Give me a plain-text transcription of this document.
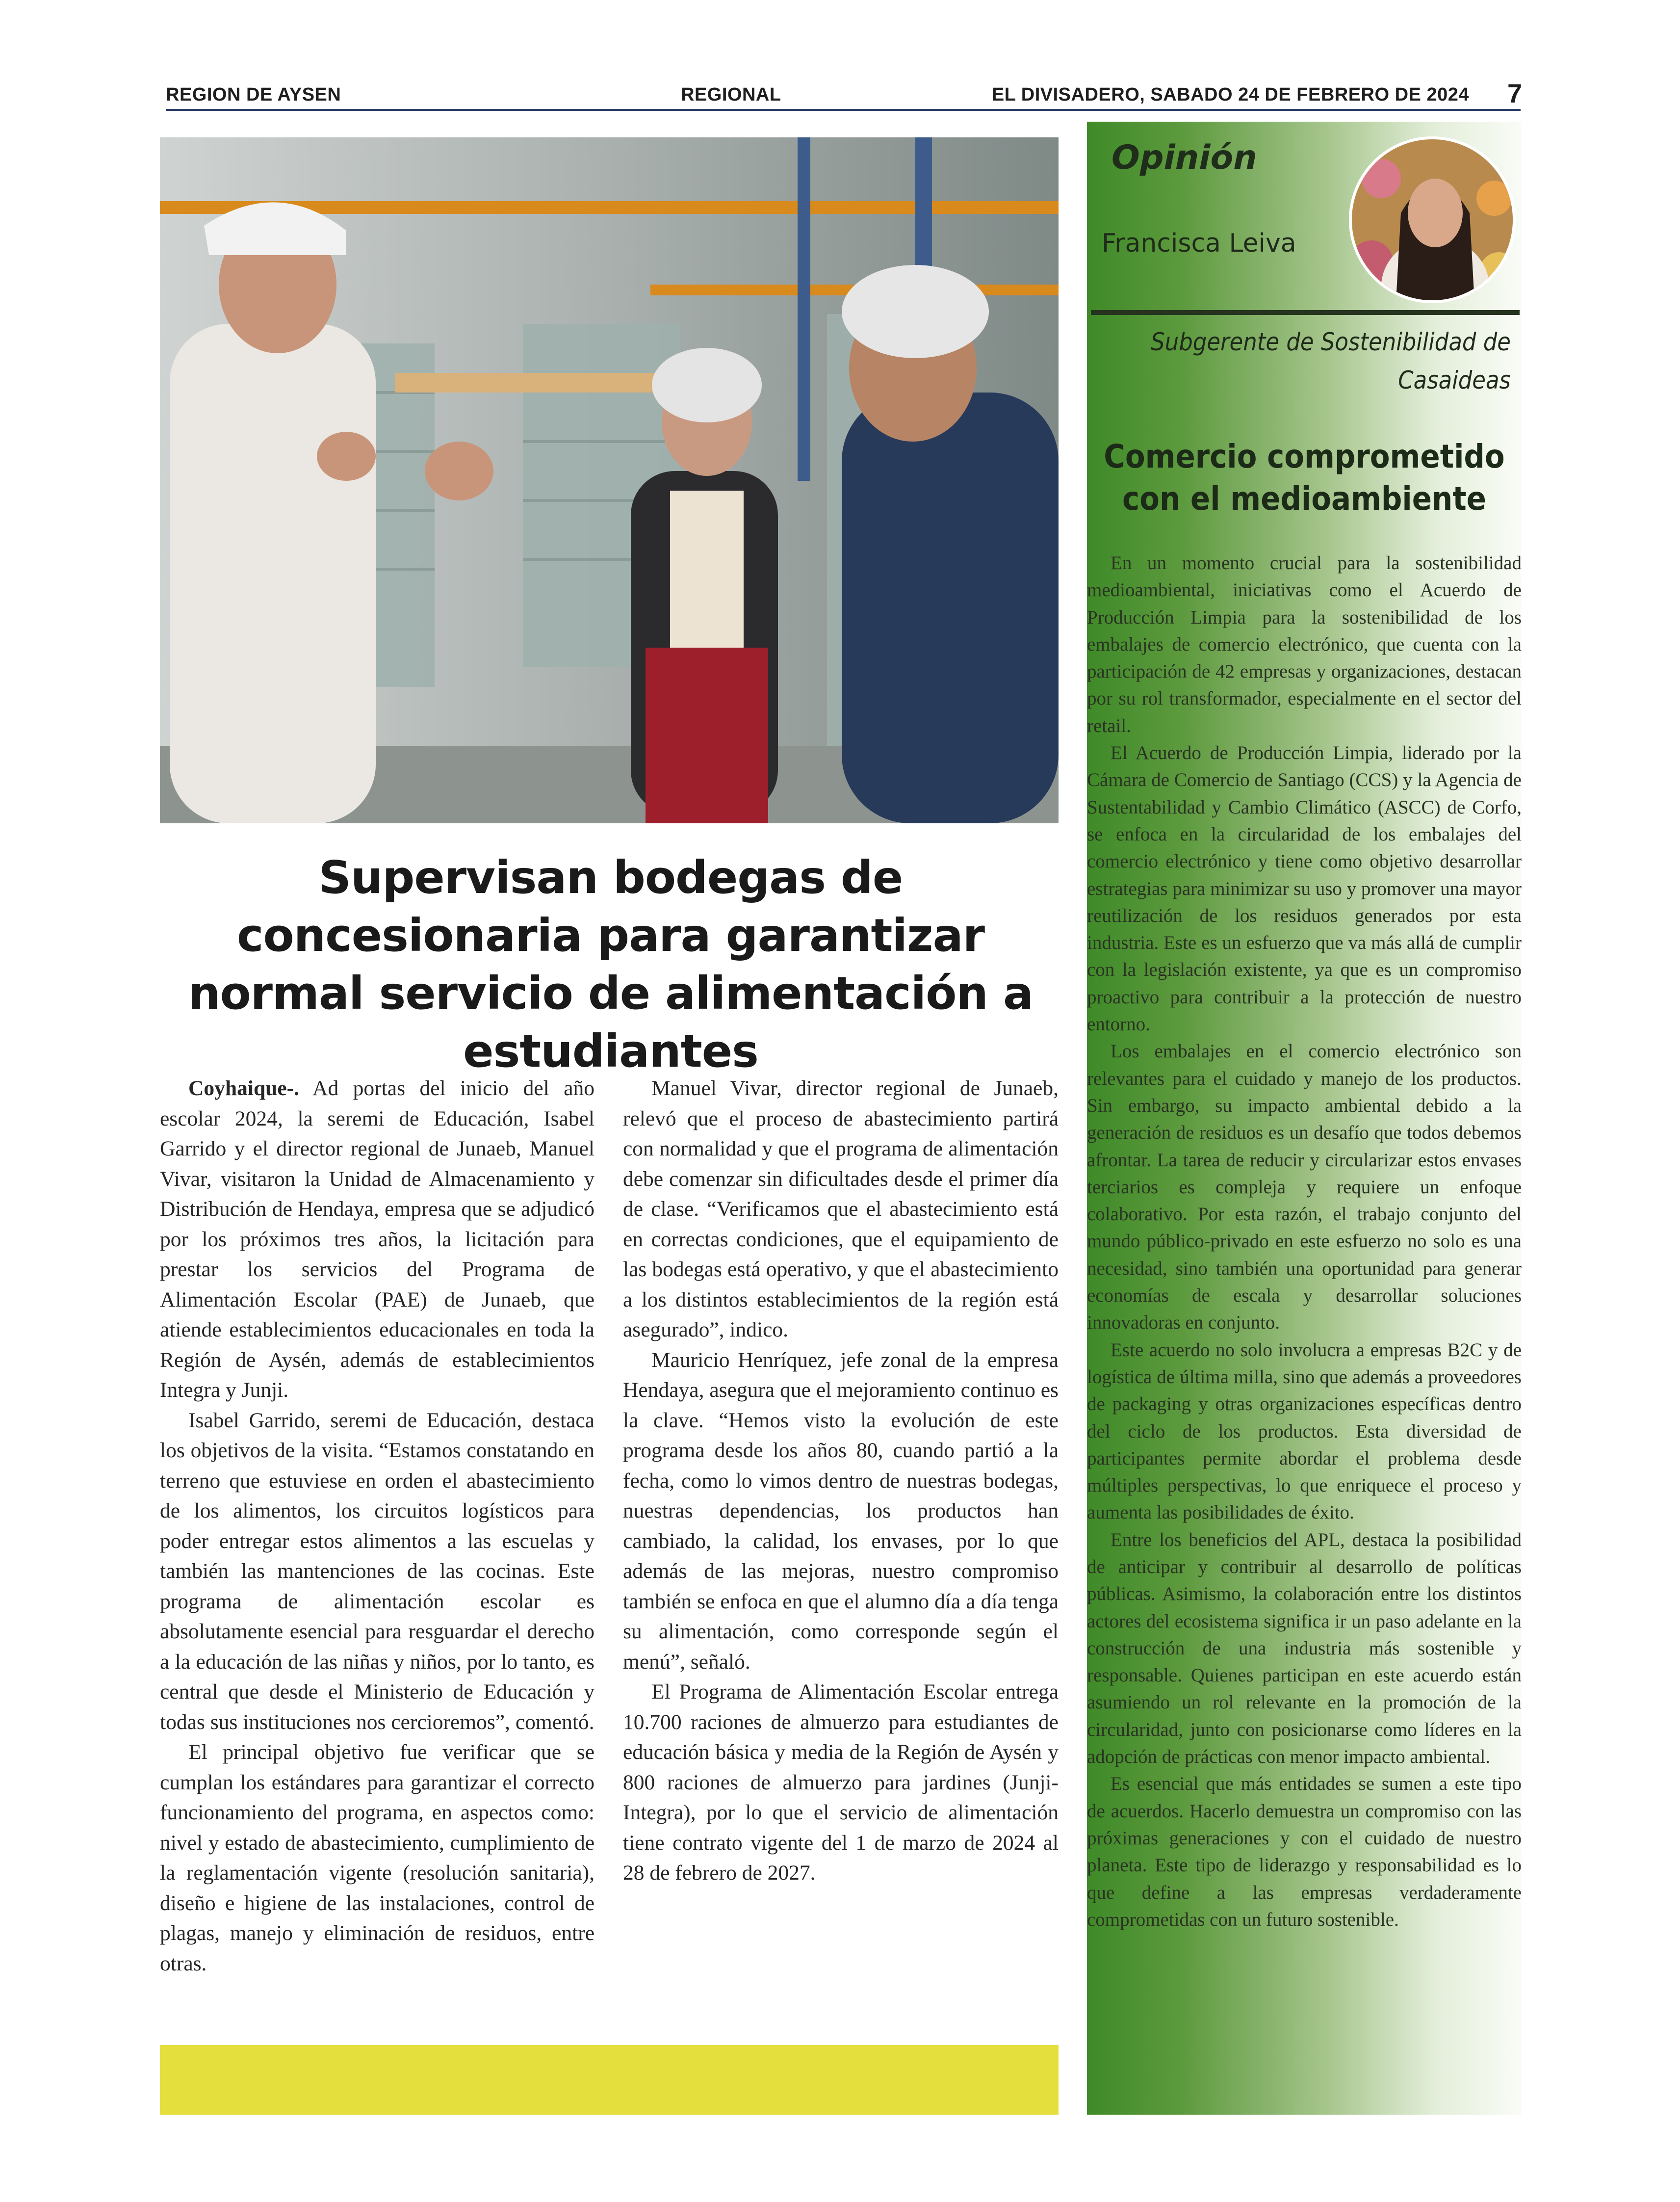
REGION DE AYSEN	REGIONAL	EL DIVISADERO, SABADO 24 DE FEBRERO DE 2024 7
Supervisan bodegas de concesionaria para garantizar normal servicio de alimentación a estudiantes

Coyhaique-. Ad portas del inicio del año escolar 2024, la seremi de Educación, Isabel Garrido y el director regional de Junaeb, Manuel Vivar, visitaron la Unidad de Almacenamiento y Distribución de Hendaya, empresa que se adjudicó por los próximos tres años, la licitación para prestar los servicios del Programa de Alimentación Escolar (PAE) de Junaeb, que atiende establecimientos educacionales en toda la Región de Aysén, además de establecimientos Integra y Junji.

Isabel Garrido, seremi de Educación, destaca los objetivos de la visita. “Estamos constatando en terreno que estuviese en orden el abastecimiento de los alimentos, los circuitos logísticos para poder entregar estos alimentos a las escuelas y también las mantenciones de las cocinas. Este programa de alimentación escolar es absolutamente esencial para resguardar el derecho a la educación de las niñas y niños, por lo tanto, es central que desde el Ministerio de Educación y todas sus instituciones nos cercioremos”, comentó.

El principal objetivo fue verificar que se cumplan los estándares para garantizar el correcto funcionamiento del programa, en aspectos como: nivel y estado de abastecimiento, cumplimiento de la reglamentación vigente (resolución sanitaria), diseño e higiene de las instalaciones, control de plagas, manejo y eliminación de residuos, entre otras.

Manuel Vivar, director regional de Junaeb, relevó que el proceso de abastecimiento partirá con normalidad y que el programa de alimentación debe comenzar sin dificultades desde el primer día de clase. “Verificamos que el abastecimiento está en correctas condiciones, que el equipamiento de las bodegas está operativo, y que el abastecimiento a los distintos establecimientos de la región está asegurado”, indico.

Mauricio Henríquez, jefe zonal de la empresa Hendaya, asegura que el mejoramiento continuo es la clave. “Hemos visto la evolución de este programa desde los años 80, cuando partió a la fecha, como lo vimos dentro de nuestras bodegas, nuestras dependencias, los productos han cambiado, la calidad, los envases, por lo que además de las mejoras, nuestro compromiso también se enfoca en que el alumno día a día tenga su alimentación, como corresponde según el menú”, señaló.

El Programa de Alimentación Escolar entrega 10.700 raciones de almuerzo para estudiantes de educación básica y media de la Región de Aysén y 800 raciones de almuerzo para jardines (Junji-Integra), por lo que el servicio de alimentación tiene contrato vigente del 1 de marzo de 2024 al 28 de febrero de 2027.

Opinión
Francisca Leiva
Subgerente de Sostenibilidad de Casaideas
Comercio comprometido con el medioambiente

En un momento crucial para la sostenibilidad medioambiental, iniciativas como el Acuerdo de Producción Limpia para la sostenibilidad de los embalajes de comercio electrónico, que cuenta con la participación de 42 empresas y organizaciones, destacan por su rol transformador, especialmente en el sector del retail.

El Acuerdo de Producción Limpia, liderado por la Cámara de Comercio de Santiago (CCS) y la Agencia de Sustentabilidad y Cambio Climático (ASCC) de Corfo, se enfoca en la circularidad de los embalajes del comercio electrónico y tiene como objetivo desarrollar estrategias para minimizar su uso y promover una mayor reutilización de los residuos generados por esta industria. Este es un esfuerzo que va más allá de cumplir con la legislación existente, ya que es un compromiso proactivo para contribuir a la protección de nuestro entorno.

Los embalajes en el comercio electrónico son relevantes para el cuidado y manejo de los productos. Sin embargo, su impacto ambiental debido a la generación de residuos es un desafío que todos debemos afrontar. La tarea de reducir y circularizar estos envases terciarios es compleja y requiere un enfoque colaborativo. Por esta razón, el trabajo conjunto del mundo público-privado en este esfuerzo no solo es una necesidad, sino también una oportunidad para generar economías de escala y desarrollar soluciones innovadoras en conjunto.

Este acuerdo no solo involucra a empresas B2C y de logística de última milla, sino que además a proveedores de packaging y otras organizaciones específicas dentro del ciclo de los productos. Esta diversidad de participantes permite abordar el problema desde múltiples perspectivas, lo que enriquece el proceso y aumenta las posibilidades de éxito.

Entre los beneficios del APL, destaca la posibilidad de anticipar y contribuir al desarrollo de políticas públicas. Asimismo, la colaboración entre los distintos actores del ecosistema significa ir un paso adelante en la construcción de una industria más sostenible y responsable. Quienes participan en este acuerdo están asumiendo un rol relevante en la promoción de la circularidad, junto con posicionarse como líderes en la adopción de prácticas con menor impacto ambiental.

Es esencial que más entidades se sumen a este tipo de acuerdos. Hacerlo demuestra un compromiso con las próximas generaciones y con el cuidado de nuestro planeta. Este tipo de liderazgo y responsabilidad es lo que define a las empresas verdaderamente comprometidas con un futuro sostenible.
